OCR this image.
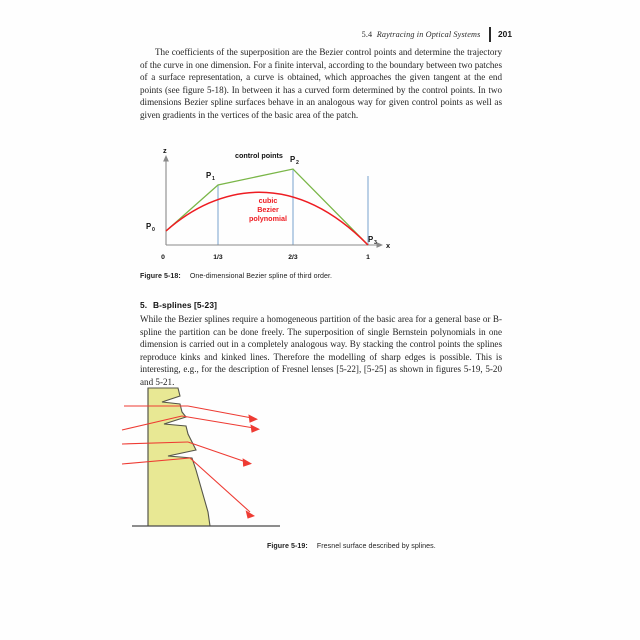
5.4 Raytracing in Optical Systems 201

The coefficients of the superposition are the Bezier control points and determine the trajectory of the curve in one dimension. For a finite interval, according to the boundary between two patches of a surface representation, a curve is obtained, which approaches the given tangent at the end points (see figure 5-18). In between it has a curved form determined by the control points. In two dimensions Bezier spline surfaces behave in an analogous way for given control points as well as given gradients in the vertices of the basic area of the patch.

z
x
0	1/3	2/3	1
P 0
P 1
P 2
P 3
control points
cubic
Bezier
polynomial
Figure 5-18: One-dimensional Bezier spline of third order.
5. B-splines [5-23]

While the Bezier splines require a homogeneous partition of the basic area for a general base or B-spline the partition can be done freely. The superposition of single Bernstein polynomials in one dimension is carried out in a completely analogous way. By stacking the control points the splines reproduce kinks and kinked lines. Therefore the modelling of sharp edges is possible. This is interesting, e.g., for the description of Fresnel lenses [5-22], [5-25] as shown in figures 5-19, 5-20 and 5-21.

Figure 5-19: Fresnel surface described by splines.
